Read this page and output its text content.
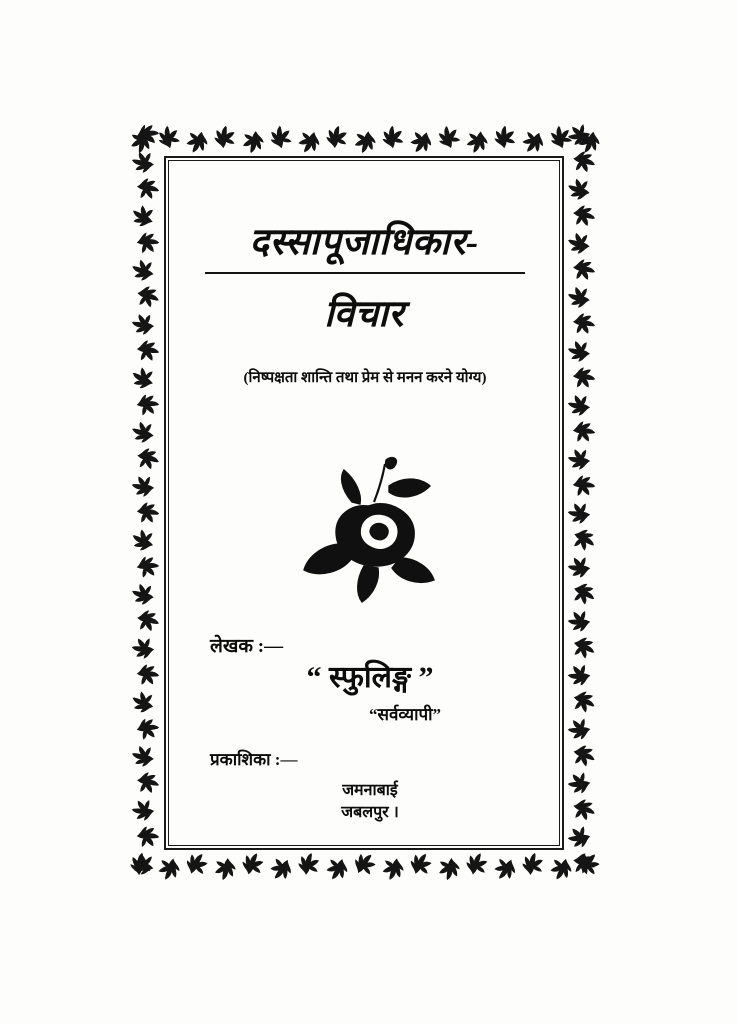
दस्सापूजाधिकार-
विचार
(निष्पक्षता शान्ति तथा प्रेम से मनन करने योग्य)
लेखक :—
“ स्फुलिङ्ग ”
“सर्वव्यापी”
प्रकाशिका :—
जमनाबाई
जबलपुर ।
